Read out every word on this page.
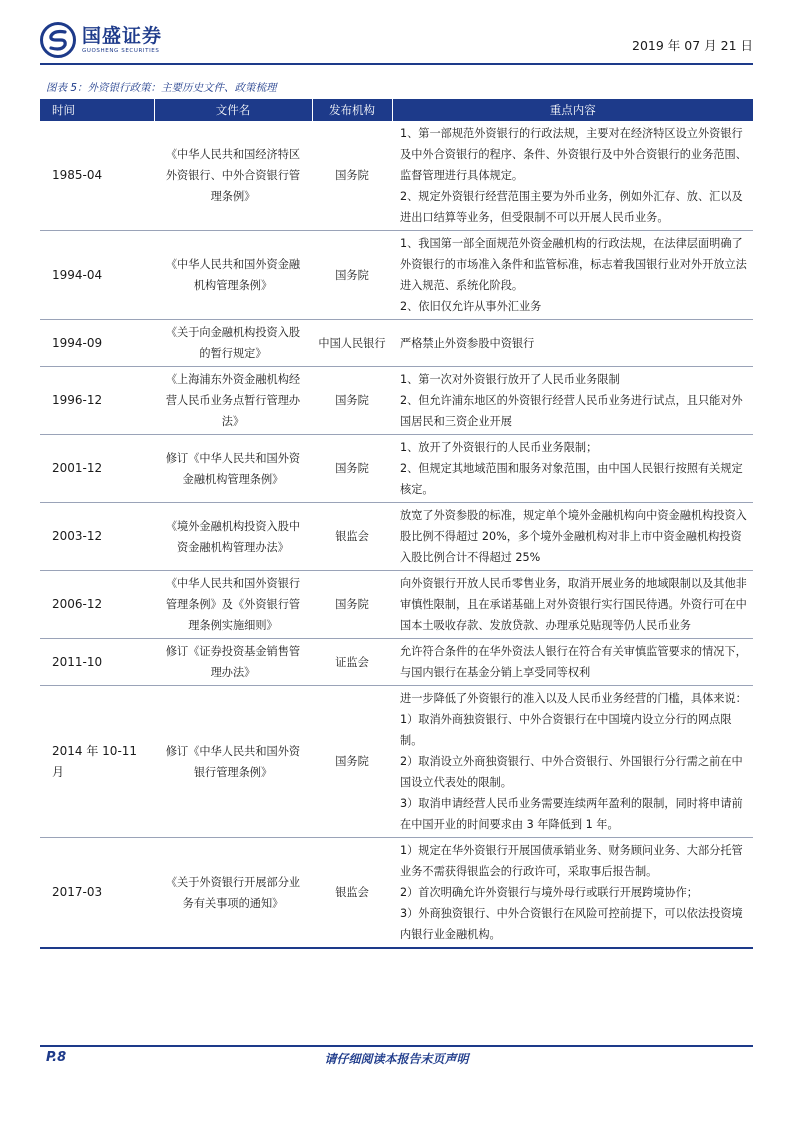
国盛证券
GUOSHENG SECURITIES	2019 年 07 月 21 日
图表 5：外资银行政策：主要历史文件、政策梳理
时间	文件名	发布机构	重点内容
1985-04	《中华人民共和国经济特区外资银行、中外合资银行管理条例》	国务院	1、第一部规范外资银行的行政法规，主要对在经济特区设立外资银行及中外合资银行的程序、条件、外资银行及中外合资银行的业务范围、监督管理进行具体规定。
2、规定外资银行经营范围主要为外币业务，例如外汇存、放、汇以及进出口结算等业务，但受限制不可以开展人民币业务。

1994-04	《中华人民共和国外资金融机构管理条例》	国务院	1、我国第一部全面规范外资金融机构的行政法规，在法律层面明确了外资银行的市场准入条件和监管标准，标志着我国银行业对外开放立法进入规范、系统化阶段。
2、依旧仅允许从事外汇业务

1994-09	《关于向金融机构投资入股的暂行规定》	中国人民银行	严格禁止外资参股中资银行

1996-12	《上海浦东外资金融机构经营人民币业务点暂行管理办法》	国务院	1、第一次对外资银行放开了人民币业务限制
2、但允许浦东地区的外资银行经营人民币业务进行试点，且只能对外国居民和三资企业开展

2001-12	修订《中华人民共和国外资金融机构管理条例》	国务院	1、放开了外资银行的人民币业务限制；
2、但规定其地域范围和服务对象范围，由中国人民银行按照有关规定核定。

2003-12	《境外金融机构投资入股中资金融机构管理办法》	银监会	放宽了外资参股的标准，规定单个境外金融机构向中资金融机构投资入股比例不得超过 20%，多个境外金融机构对非上市中资金融机构投资入股比例合计不得超过 25%

2006-12	《中华人民共和国外资银行管理条例》及《外资银行管理条例实施细则》	国务院	向外资银行开放人民币零售业务，取消开展业务的地域限制以及其他非审慎性限制，且在承诺基础上对外资银行实行国民待遇。外资行可在中国本土吸收存款、发放贷款、办理承兑贴现等仍人民币业务

2011-10	修订《证券投资基金销售管理办法》	证监会	允许符合条件的在华外资法人银行在符合有关审慎监管要求的情况下，与国内银行在基金分销上享受同等权利

2014 年 10-11 月	修订《中华人民共和国外资银行管理条例》	国务院	进一步降低了外资银行的准入以及人民币业务经营的门槛，具体来说：
1）取消外商独资银行、中外合资银行在中国境内设立分行的网点限制。
2）取消设立外商独资银行、中外合资银行、外国银行分行需之前在中国设立代表处的限制。
3）取消申请经营人民币业务需要连续两年盈利的限制，同时将申请前在中国开业的时间要求由 3 年降低到 1 年。

2017-03	《关于外资银行开展部分业务有关事项的通知》	银监会	1）规定在华外资银行开展国债承销业务、财务顾问业务、大部分托管业务不需获得银监会的行政许可，采取事后报告制。
2）首次明确允许外资银行与境外母行或联行开展跨境协作；
3）外商独资银行、中外合资银行在风险可控前提下，可以依法投资境内银行业金融机构。
P.8	请仔细阅读本报告末页声明
